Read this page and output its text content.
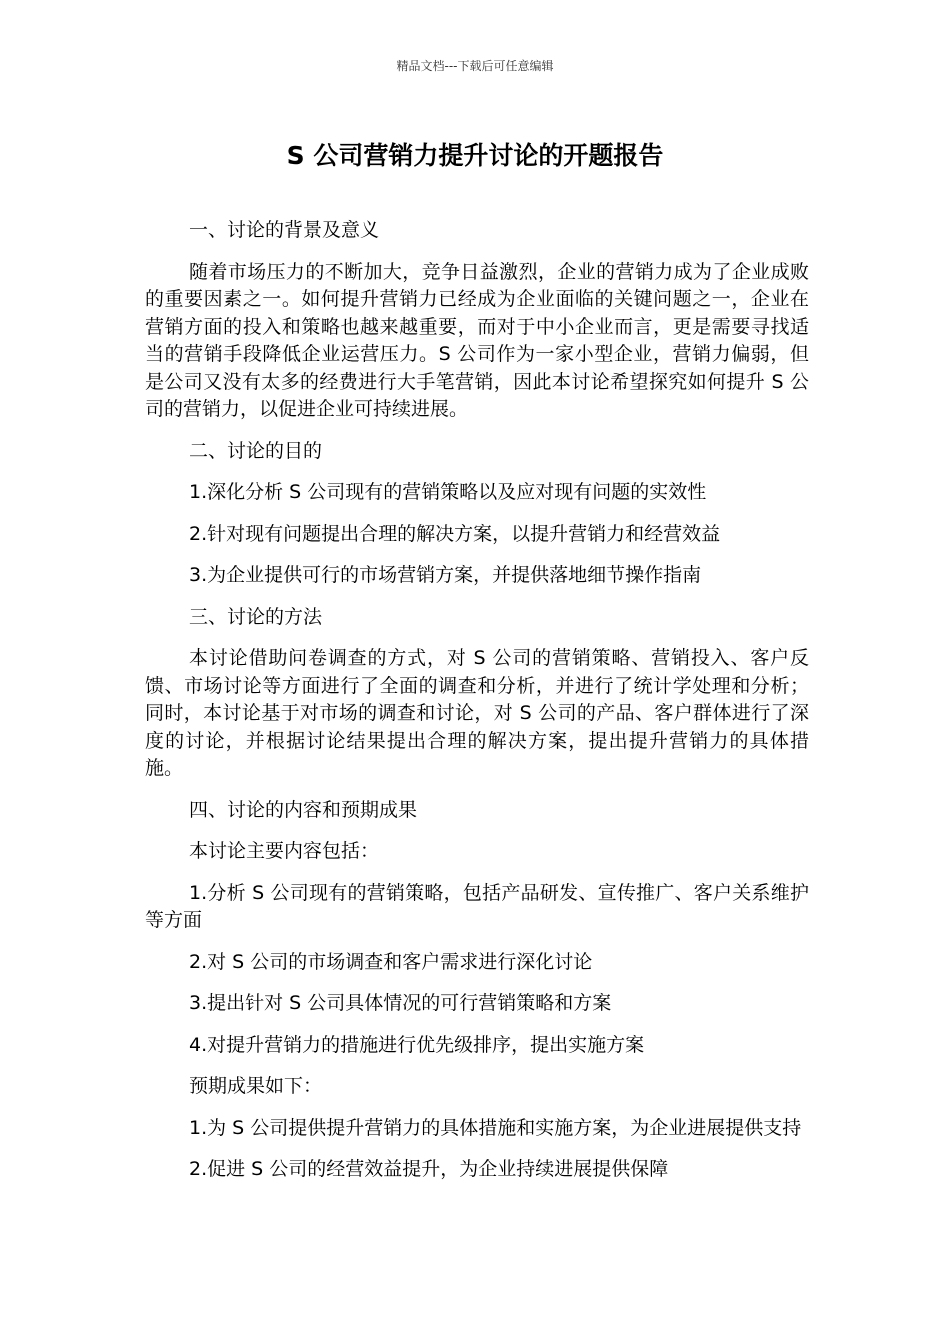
精品文档---下载后可任意编辑
S 公司营销力提升讨论的开题报告

一、讨论的背景及意义

随着市场压力的不断加大，竞争日益激烈，企业的营销力成为了企业成败的重要因素之一。如何提升营销力已经成为企业面临的关键问题之一，企业在营销方面的投入和策略也越来越重要，而对于中小企业而言，更是需要寻找适当的营销手段降低企业运营压力。S 公司作为一家小型企业，营销力偏弱，但是公司又没有太多的经费进行大手笔营销，因此本讨论希望探究如何提升 S 公司的营销力，以促进企业可持续进展。

二、讨论的目的

1.深化分析 S 公司现有的营销策略以及应对现有问题的实效性

2.针对现有问题提出合理的解决方案，以提升营销力和经营效益

3.为企业提供可行的市场营销方案，并提供落地细节操作指南

三、讨论的方法

本讨论借助问卷调查的方式，对 S 公司的营销策略、营销投入、客户反馈、市场讨论等方面进行了全面的调查和分析，并进行了统计学处理和分析；同时，本讨论基于对市场的调查和讨论，对 S 公司的产品、客户群体进行了深度的讨论，并根据讨论结果提出合理的解决方案，提出提升营销力的具体措施。

四、讨论的内容和预期成果

本讨论主要内容包括：

1.分析 S 公司现有的营销策略，包括产品研发、宣传推广、客户关系维护等方面

2.对 S 公司的市场调查和客户需求进行深化讨论

3.提出针对 S 公司具体情况的可行营销策略和方案

4.对提升营销力的措施进行优先级排序，提出实施方案

预期成果如下：

1.为 S 公司提供提升营销力的具体措施和实施方案，为企业进展提供支持

2.促进 S 公司的经营效益提升，为企业持续进展提供保障
